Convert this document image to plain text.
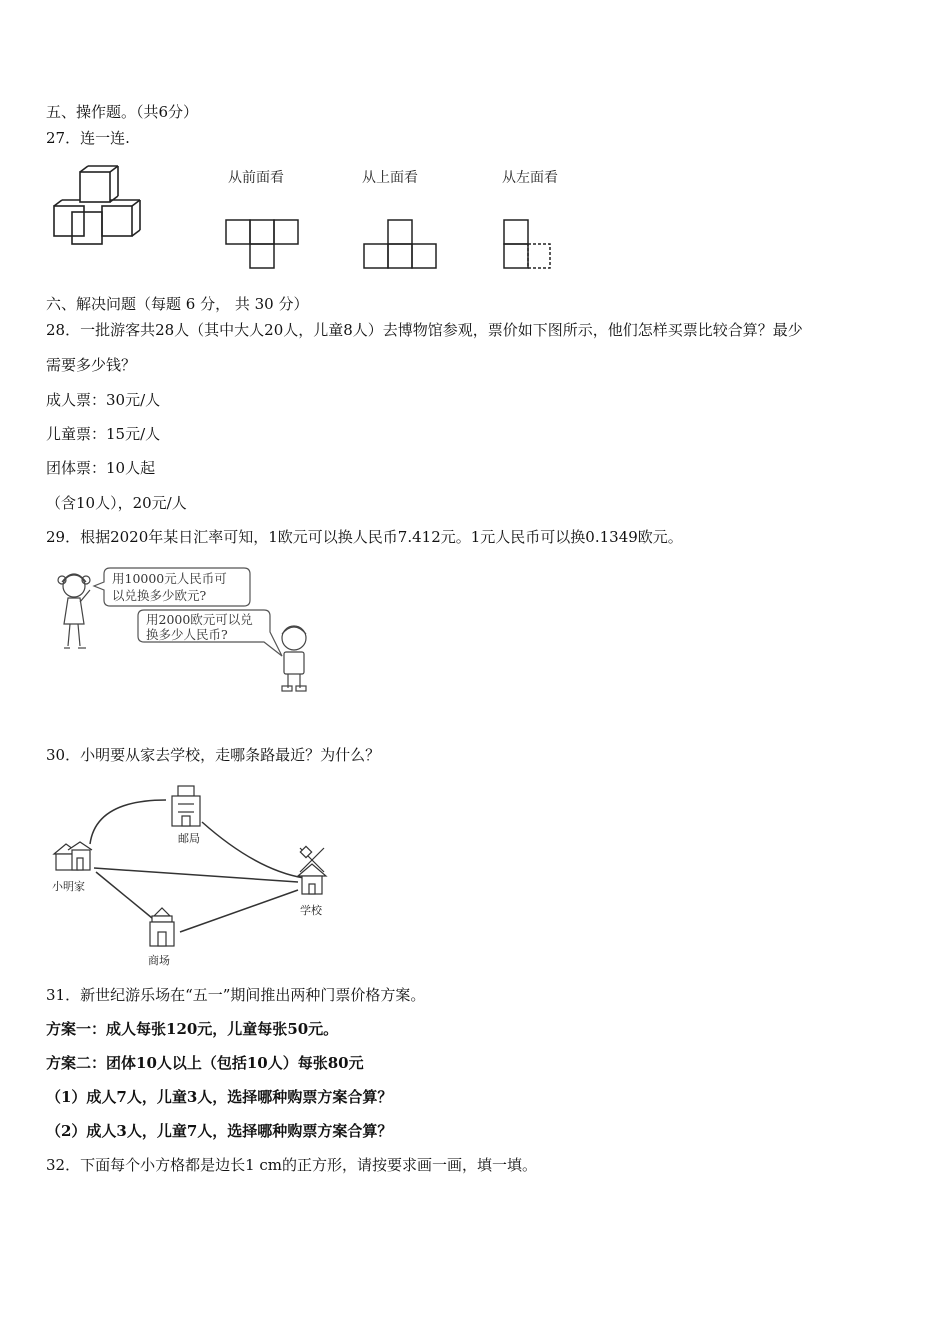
五、操作题。（共6分）
27．连一连.
从前面看	从上面看	从左面看
六、解决问题（每题 6 分， 共 30 分）
28．一批游客共28人（其中大人20人，儿童8人）去博物馆参观，票价如下图所示，他们怎样买票比较合算？最少
需要多少钱？
成人票：30元/人
儿童票：15元/人
团体票：10人起
（含10人），20元/人
29．根据2020年某日汇率可知，1欧元可以换人民币7.412元。1元人民币可以换0.1349欧元。
用10000元人民币可
以兑换多少欧元?
用2000欧元可以兑
换多少人民币?
30．小明要从家去学校，走哪条路最近？为什么？
小明家
邮局
学校
商场
31．新世纪游乐场在“五一”期间推出两种门票价格方案。
方案一：成人每张120元，儿童每张50元。
方案二：团体10人以上（包括10人）每张80元
（1）成人7人，儿童3人，选择哪种购票方案合算？
（2）成人3人，儿童7人，选择哪种购票方案合算？
32．下面每个小方格都是边长1 cm的正方形，请按要求画一画，填一填。
